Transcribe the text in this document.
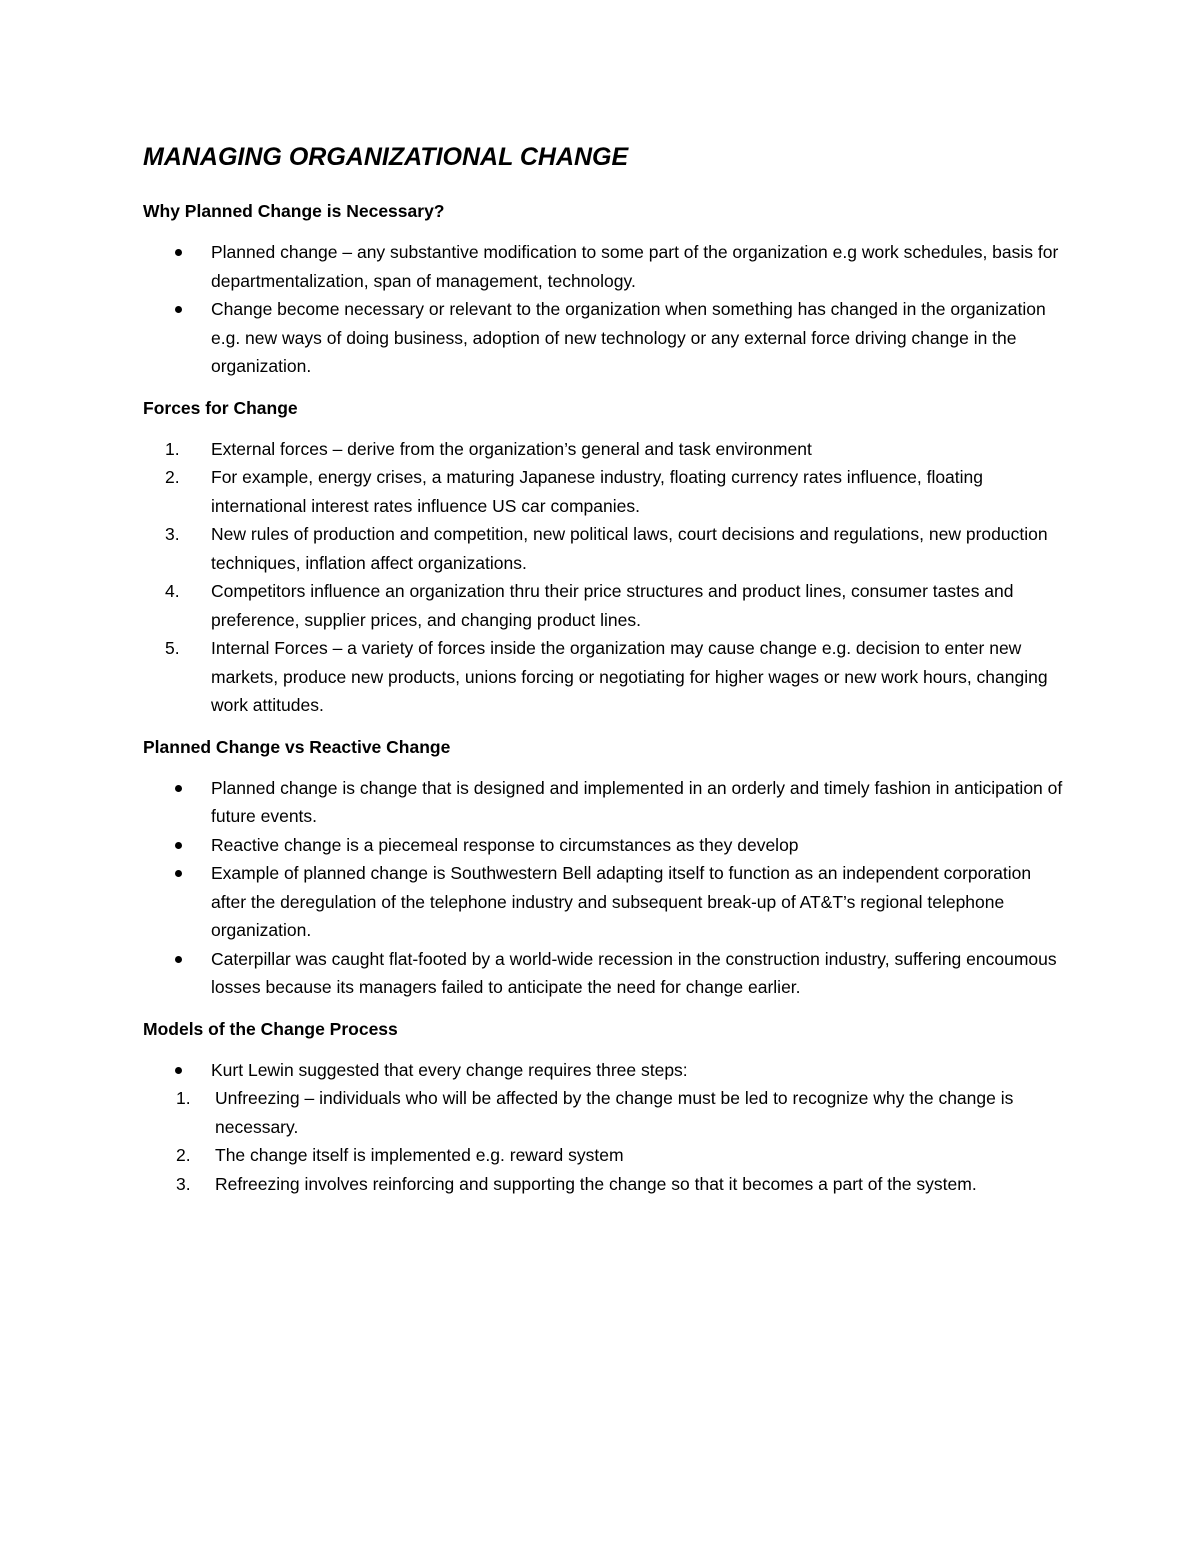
MANAGING ORGANIZATIONAL CHANGE
Why Planned Change is Necessary?
Planned change – any substantive modification to some part of the organization e.g work schedules, basis for departmentalization, span of management, technology.
Change become necessary or relevant to the organization when something has changed in the organization e.g. new ways of doing business, adoption of new technology or any external force driving change in the organization.
Forces for Change
1. External forces – derive from the organization’s general and task environment
2. For example, energy crises, a maturing Japanese industry, floating currency rates influence, floating international interest rates influence US car companies.
3. New rules of production and competition, new political laws, court decisions and regulations, new production techniques, inflation affect organizations.
4. Competitors influence an organization thru their price structures and product lines, consumer tastes and preference, supplier prices, and changing product lines.
5. Internal Forces – a variety of forces inside the organization may cause change e.g. decision to enter new markets, produce new products, unions forcing or negotiating for higher wages or new work hours, changing work attitudes.
Planned Change vs Reactive Change
Planned change is change that is designed and implemented in an orderly and timely fashion in anticipation of future events.
Reactive change is a piecemeal response to circumstances as they develop
Example of planned change is Southwestern Bell adapting itself to function as an independent corporation after the deregulation of the telephone industry and subsequent break-up of AT&T’s regional telephone organization.
Caterpillar was caught flat-footed by a world-wide recession in the construction industry, suffering encoumous losses because its managers failed to anticipate the need for change earlier.
Models of the Change Process
Kurt Lewin suggested that every change requires three steps:
1. Unfreezing – individuals who will be affected by the change must be led to recognize why the change is necessary.
2. The change itself is implemented e.g. reward system
3. Refreezing involves reinforcing and supporting the change so that it becomes a part of the system.
